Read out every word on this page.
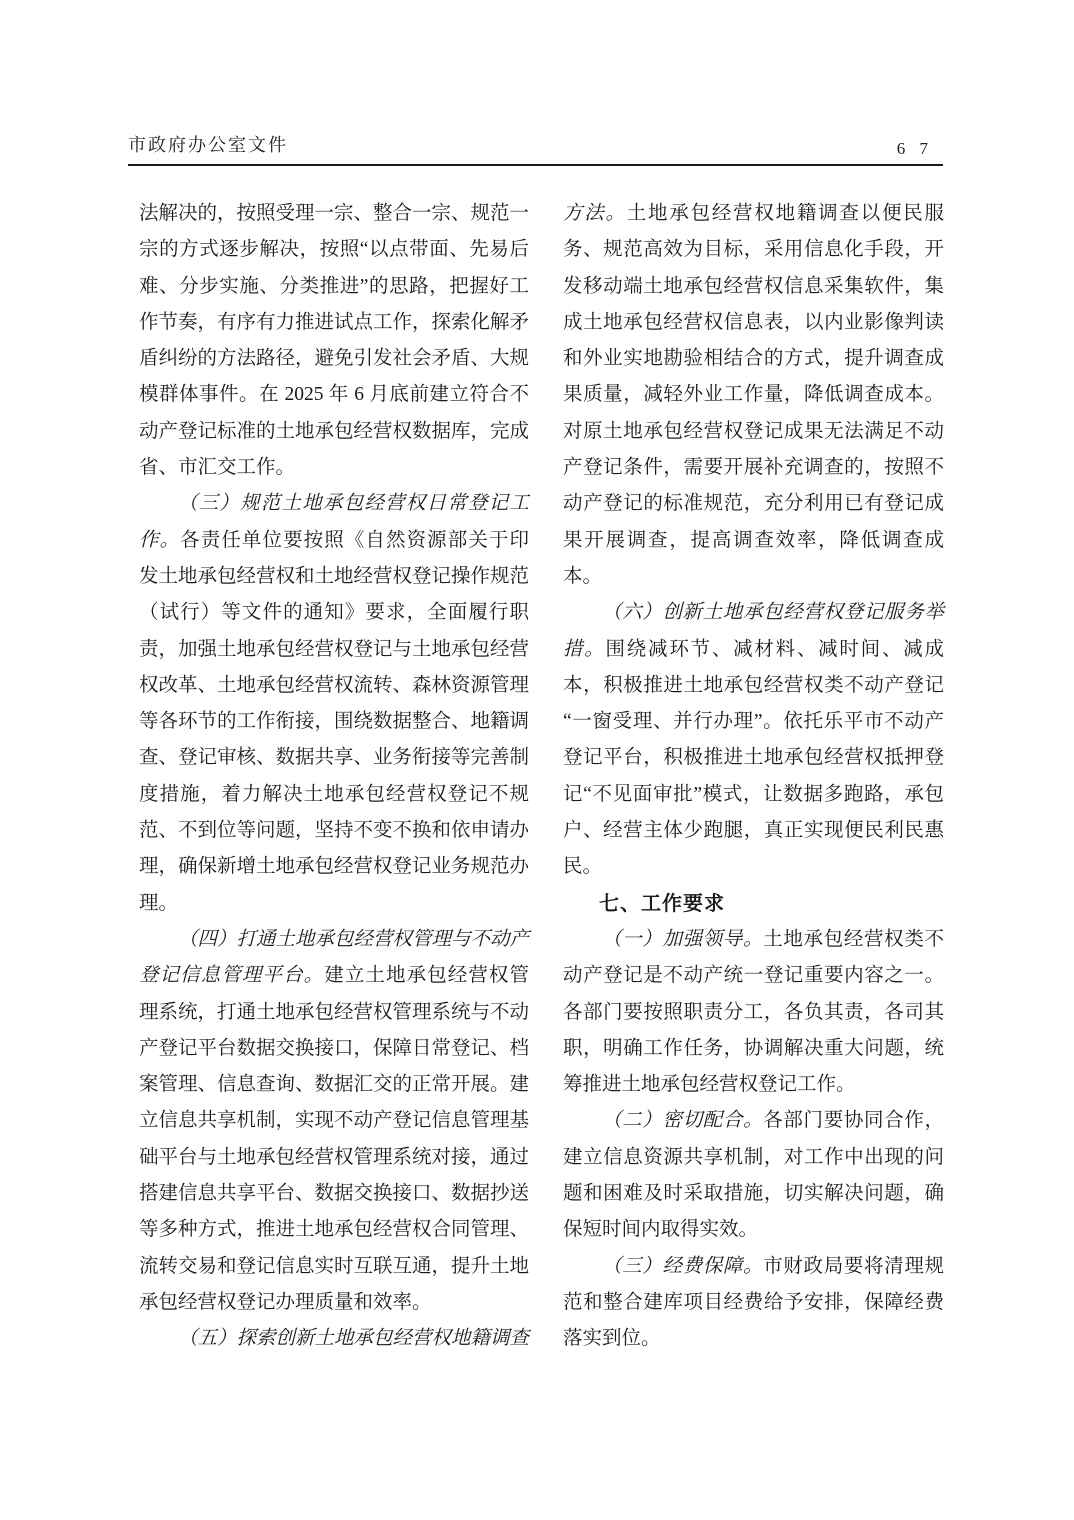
市政府办公室文件	6 7

法解决的，按照受理一宗、整合一宗、规范一宗的方式逐步解决，按照“以点带面、先易后难、分步实施、分类推进”的思路，把握好工作节奏，有序有力推进试点工作，探索化解矛盾纠纷的方法路径，避免引发社会矛盾、大规模群体事件。在 2025 年 6 月底前建立符合不动产登记标准的土地承包经营权数据库，完成省、市汇交工作。

（三）规范土地承包经营权日常登记工作。各责任单位要按照《自然资源部关于印发土地承包经营权和土地经营权登记操作规范（试行）等文件的通知》要求，全面履行职责，加强土地承包经营权登记与土地承包经营权改革、土地承包经营权流转、森林资源管理等各环节的工作衔接，围绕数据整合、地籍调查、登记审核、数据共享、业务衔接等完善制度措施，着力解决土地承包经营权登记不规范、不到位等问题，坚持不变不换和依申请办理，确保新增土地承包经营权登记业务规范办理。

（四）打通土地承包经营权管理与不动产登记信息管理平台。建立土地承包经营权管理系统，打通土地承包经营权管理系统与不动产登记平台数据交换接口，保障日常登记、档案管理、信息查询、数据汇交的正常开展。建立信息共享机制，实现不动产登记信息管理基础平台与土地承包经营权管理系统对接，通过搭建信息共享平台、数据交换接口、数据抄送等多种方式，推进土地承包经营权合同管理、流转交易和登记信息实时互联互通，提升土地承包经营权登记办理质量和效率。

（五）探索创新土地承包经营权地籍调查

方法。土地承包经营权地籍调查以便民服务、规范高效为目标，采用信息化手段，开发移动端土地承包经营权信息采集软件，集成土地承包经营权信息表，以内业影像判读和外业实地勘验相结合的方式，提升调查成果质量，减轻外业工作量，降低调查成本。对原土地承包经营权登记成果无法满足不动产登记条件，需要开展补充调查的，按照不动产登记的标准规范，充分利用已有登记成果开展调查，提高调查效率，降低调查成本。

（六）创新土地承包经营权登记服务举措。围绕减环节、减材料、减时间、减成本，积极推进土地承包经营权类不动产登记“一窗受理、并行办理”。依托乐平市不动产登记平台，积极推进土地承包经营权抵押登记“不见面审批”模式，让数据多跑路，承包户、经营主体少跑腿，真正实现便民利民惠民。

七、工作要求

（一）加强领导。土地承包经营权类不动产登记是不动产统一登记重要内容之一。各部门要按照职责分工，各负其责，各司其职，明确工作任务，协调解决重大问题，统筹推进土地承包经营权登记工作。

（二）密切配合。各部门要协同合作，建立信息资源共享机制，对工作中出现的问题和困难及时采取措施，切实解决问题，确保短时间内取得实效。

（三）经费保障。市财政局要将清理规范和整合建库项目经费给予安排，保障经费落实到位。
